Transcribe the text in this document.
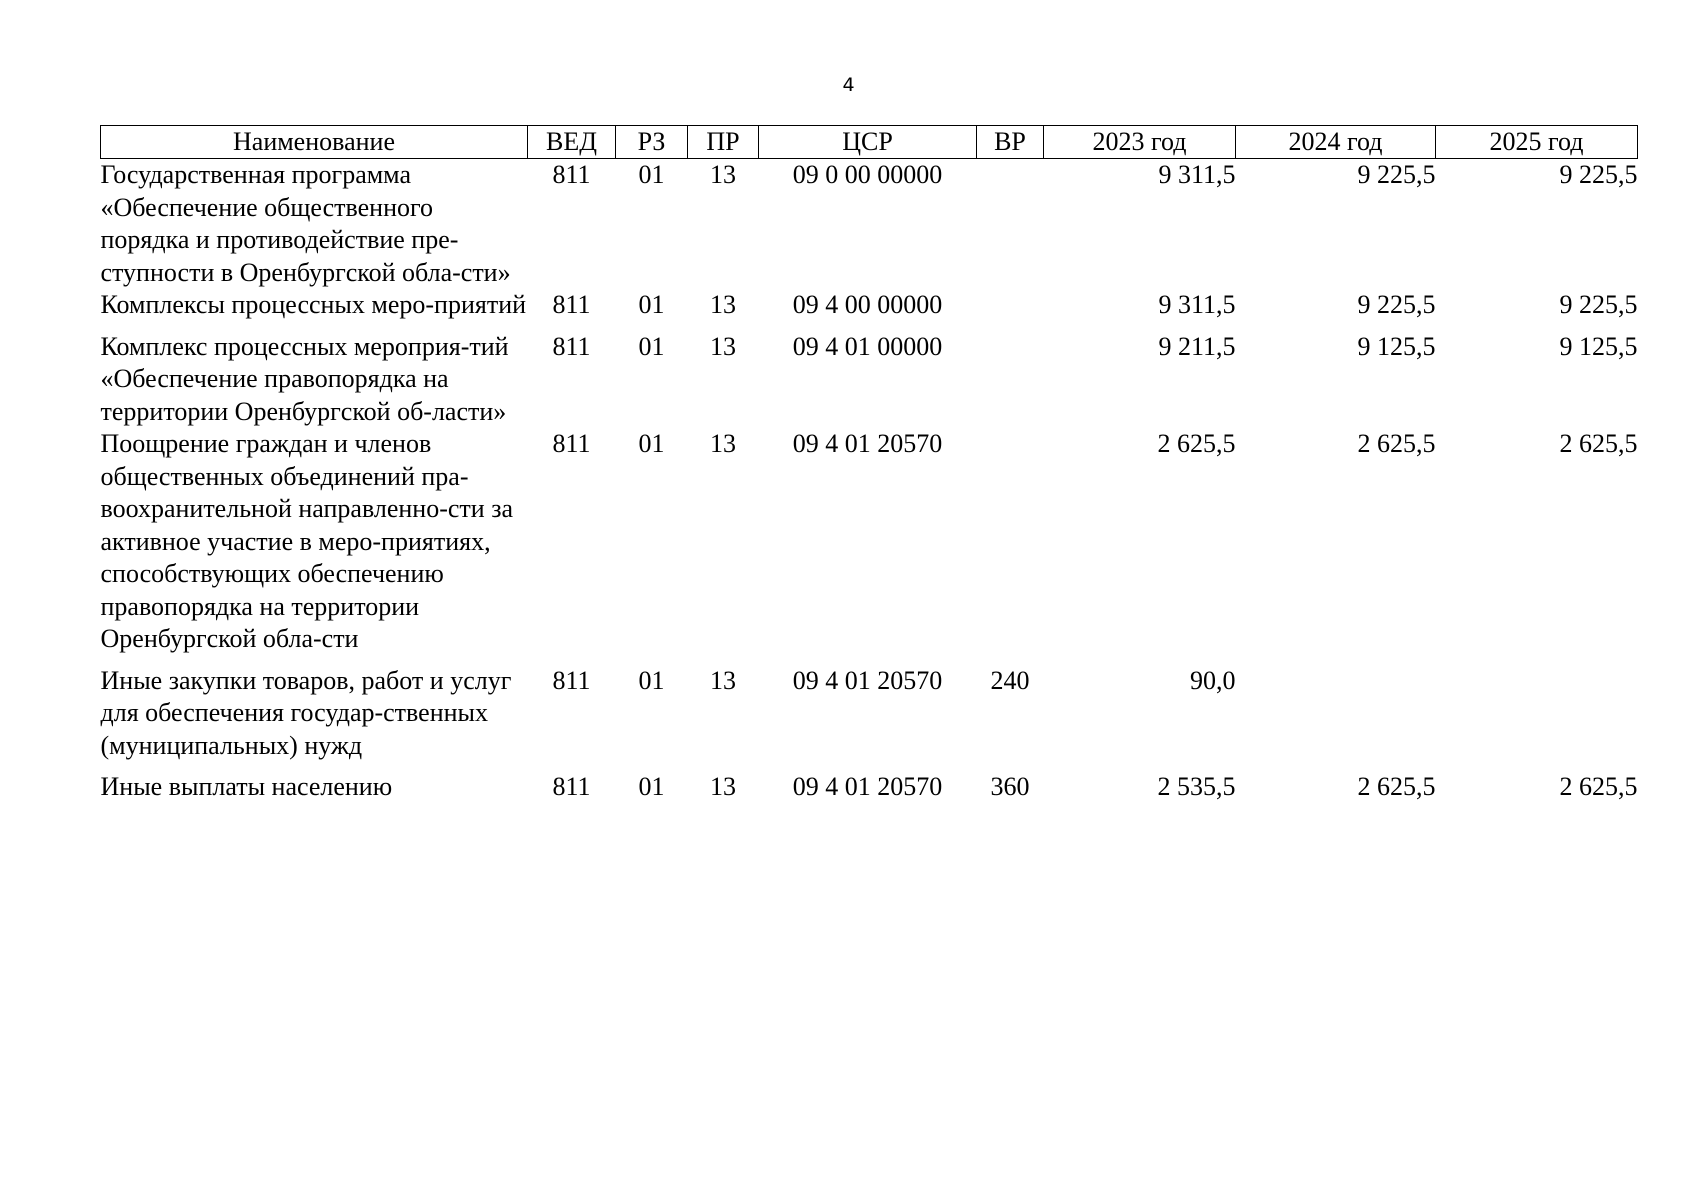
4
Наименование	ВЕД	РЗ	ПР	ЦСР	ВР	2023 год	2024 год	2025 год
Государственная программа «Обеспечение общественного порядка и противодействие пре-ступности в Оренбургской обла-сти»	811	01	13	09 0 00 00000		9 311,5	9 225,5	9 225,5
Комплексы процессных меро-приятий	811	01	13	09 4 00 00000		9 311,5	9 225,5	9 225,5
Комплекс процессных мероприя-тий «Обеспечение правопорядка на территории Оренбургской об-ласти»	811	01	13	09 4 01 00000		9 211,5	9 125,5	9 125,5
Поощрение граждан и членов общественных объединений пра-воохранительной направленно-сти за активное участие в меро-приятиях, способствующих обеспечению правопорядка на территории Оренбургской обла-сти	811	01	13	09 4 01 20570		2 625,5	2 625,5	2 625,5
Иные закупки товаров, работ и услуг для обеспечения государ-ственных (муниципальных) нужд	811	01	13	09 4 01 20570	240	90,0		
Иные выплаты населению	811	01	13	09 4 01 20570	360	2 535,5	2 625,5	2 625,5
